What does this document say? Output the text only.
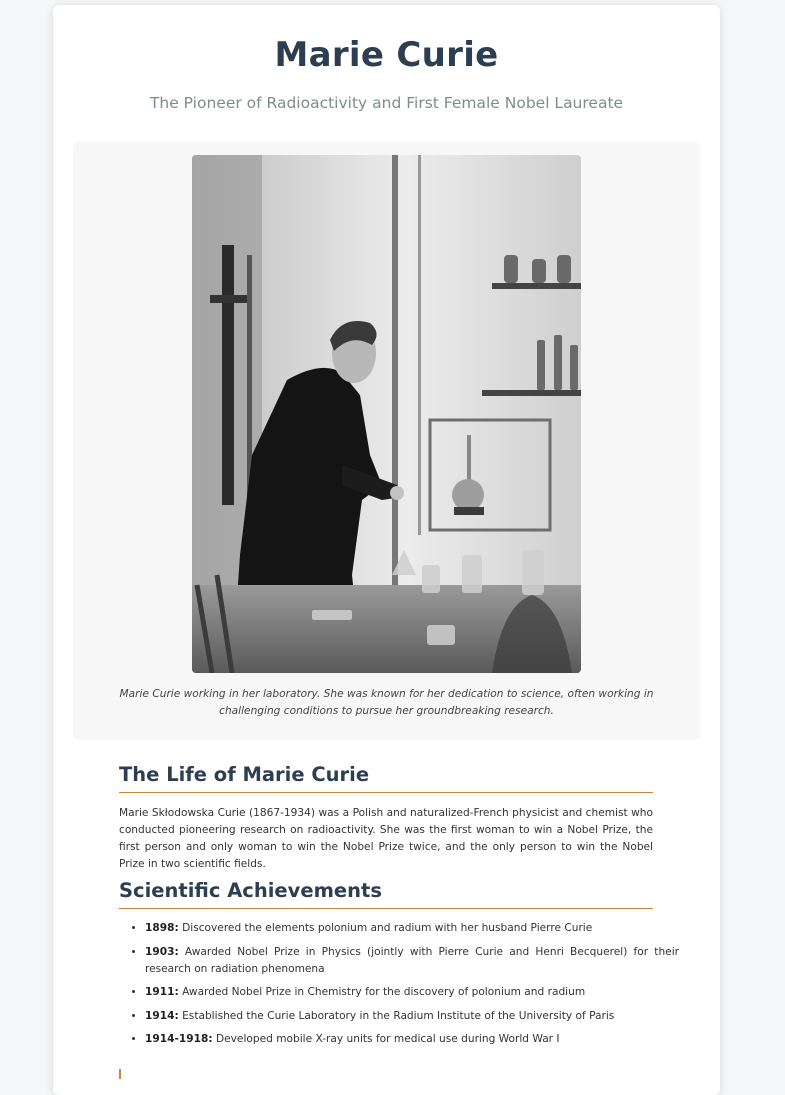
Marie Curie

The Pioneer of Radioactivity and First Female Nobel Laureate

Marie Curie working in her laboratory. She was known for her dedication to science, often working in challenging conditions to pursue her groundbreaking research.

The Life of Marie Curie

Marie Skłodowska Curie (1867-1934) was a Polish and naturalized-French physicist and chemist who conducted pioneering research on radioactivity. She was the first woman to win a Nobel Prize, the first person and only woman to win the Nobel Prize twice, and the only person to win the Nobel Prize in two scientific fields.

Scientific Achievements
• 1898: Discovered the elements polonium and radium with her husband Pierre Curie
• 1903: Awarded Nobel Prize in Physics (jointly with Pierre Curie and Henri Becquerel) for their research on radiation phenomena
• 1911: Awarded Nobel Prize in Chemistry for the discovery of polonium and radium
• 1914: Established the Curie Laboratory in the Radium Institute of the University of Paris
• 1914-1918: Developed mobile X-ray units for medical use during World War I
